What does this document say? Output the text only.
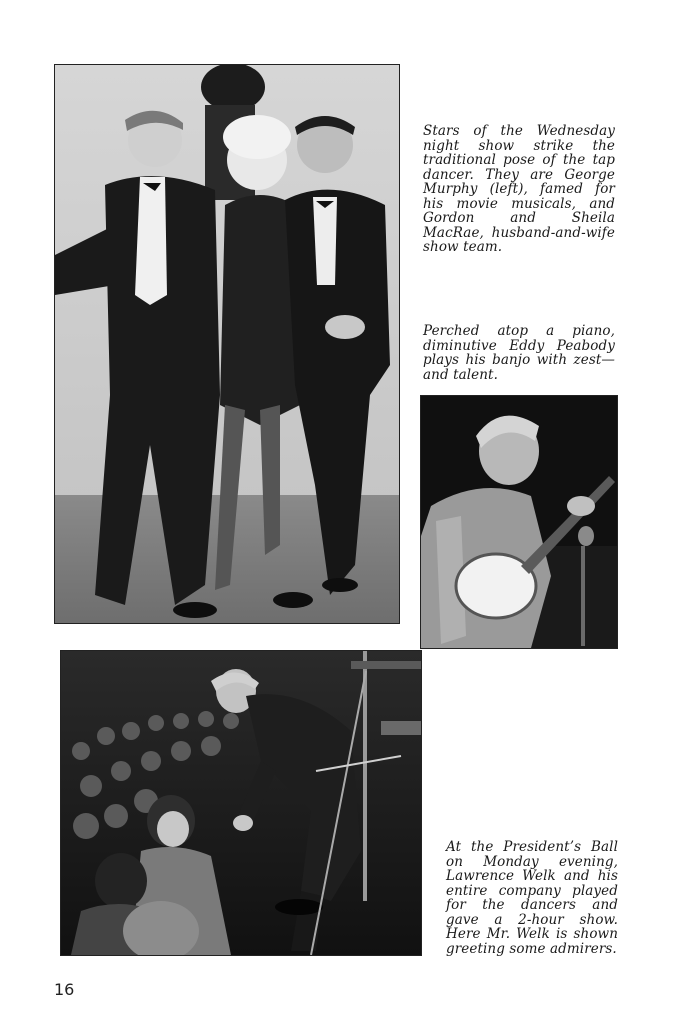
Stars of the Wednesday night show strike the traditional pose of the tap dancer. They are George Murphy (left), famed for his movie musicals, and Gordon and Sheila MacRae, husband-and-wife show team.
Perched atop a piano, diminutive Eddy Peabody plays his banjo with zest—and talent.
At the President’s Ball on Monday evening, Lawrence Welk and his entire company played for the dancers and gave a 2-hour show. Here Mr. Welk is shown greeting some admirers.
16
